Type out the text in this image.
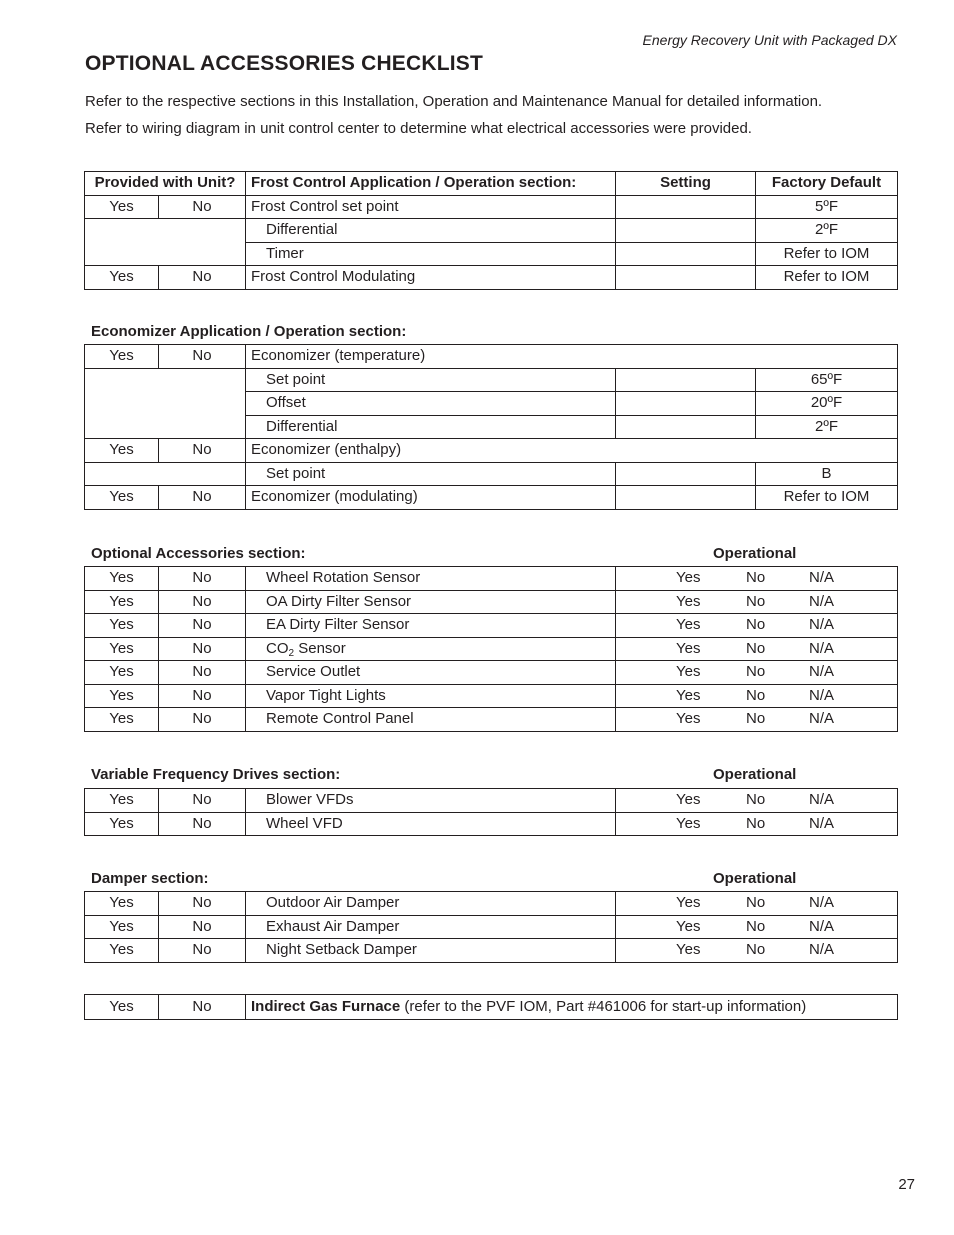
Energy Recovery Unit with Packaged DX
OPTIONAL ACCESSORIES CHECKLIST
Refer to the respective sections in this Installation, Operation and Maintenance Manual for detailed information.
Refer to wiring diagram in unit control center to determine what electrical accessories were provided.
Provided with Unit?		Frost Control Application / Operation section:	Setting	Factory Default
Yes	No	Frost Control set point		5ºF
		Differential		2ºF
		Timer		Refer to IOM
Yes	No	Frost Control Modulating		Refer to IOM
Economizer Application / Operation section:
Yes	No	Economizer (temperature)		
		Set point		65ºF
		Offset		20ºF
		Differential		2ºF
Yes	No	Economizer (enthalpy)		
		Set point		B
Yes	No	Economizer (modulating)		Refer to IOM
Optional Accessories section:	Operational
Yes	No	Wheel Rotation Sensor	Yes No N/A

Yes	No	OA Dirty Filter Sensor	Yes No N/A

Yes	No	EA Dirty Filter Sensor	Yes No N/A

Yes	No	$CO_2$ Sensor	Yes No N/A

Yes	No	Service Outlet	Yes No N/A

Yes	No	Vapor Tight Lights	Yes No N/A

Yes	No	Remote Control Panel	Yes No N/A
Variable Frequency Drives section:	Operational
Yes	No	Blower VFDs	Yes No N/A

Yes	No	Wheel VFD	Yes No N/A
Damper section:	Operational
Yes	No	Outdoor Air Damper	Yes No N/A

Yes	No	Exhaust Air Damper	Yes No N/A

Yes	No	Night Setback Damper	Yes No N/A
Yes	No	Indirect Gas Furnace (refer to the PVF IOM, Part #461006 for start-up information)
27
